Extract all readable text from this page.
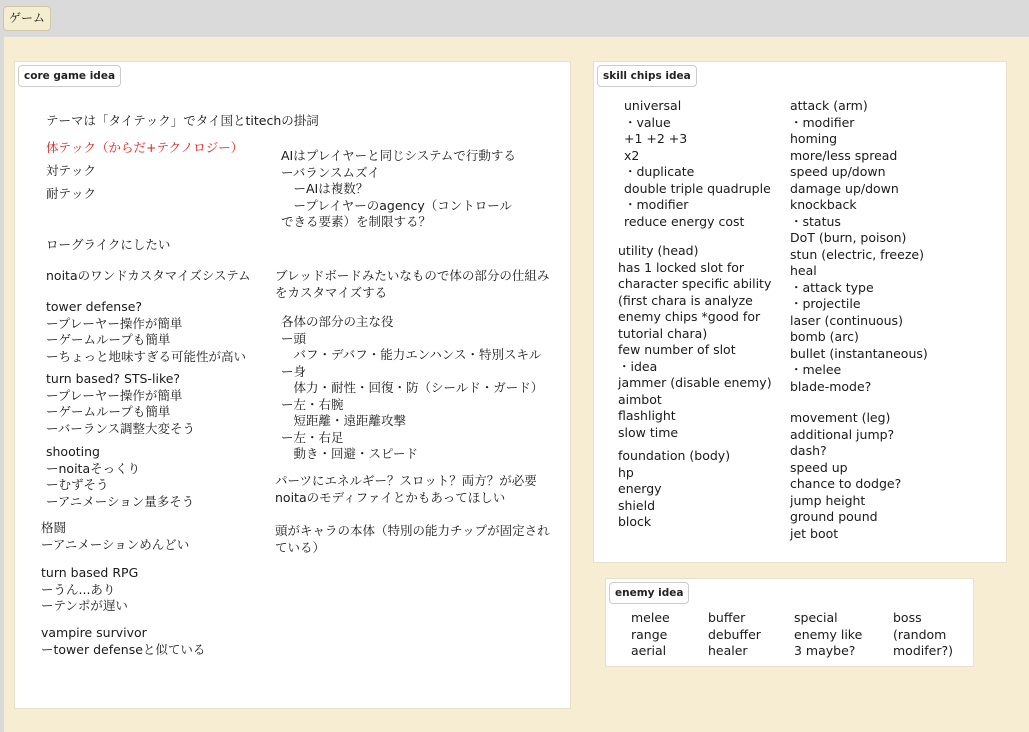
ゲーム
core game idea

テーマは「タイテック」でタイ国とtitechの掛詞

体テック（からだ+テクノロジー）

対テック

耐テック

AIはプレイヤーと同じシステムで行動する
ーバランスムズイ
　ーAIは複数？
　ープレイヤーのagency（コントロール
できる要素）を制限する？

ローグライクにしたい

noitaのワンドカスタマイズシステム ブレッドボードみたいなもので体の部分の仕組み
をカスタマイズする

tower defense?
ープレーヤー操作が簡単
ーゲームループも簡単
ーちょっと地味すぎる可能性が高い

各体の部分の主な役
ー頭
　バフ・デバフ・能力エンハンス・特別スキル
ー身
　体力・耐性・回復・防（シールド・ガード）
ー左・右腕
　短距離・遠距離攻撃
ー左・右足
　動き・回避・スピード

turn based? STS-like?
ープレーヤー操作が簡単
ーゲームループも簡単
ーバーランス調整大変そう

shooting
ーnoitaそっくり
ーむずそう
ーアニメーション量多そう

パーツにエネルギー？スロット？両方？が必要
noitaのモディファイとかもあってほしい

格闘
ーアニメーションめんどい

頭がキャラの本体（特別の能力チップが固定され
ている）

turn based RPG
ーうん...あり
ーテンポが遅い

vampire survivor
ーtower defenseと似ている

skill chips idea

universal
・value
+1 +2 +3
x2
・duplicate
double triple quadruple
・modifier
reduce energy cost

utility (head)
has 1 locked slot for
character specific ability
(first chara is analyze
enemy chips *good for
tutorial chara)
few number of slot
・idea
jammer (disable enemy)
aimbot
flashlight
slow time

foundation (body)
hp
energy
shield
block

attack (arm)
・modifier
homing
more/less spread
speed up/down
damage up/down
knockback
・status
DoT (burn, poison)
stun (electric, freeze)
heal
・attack type
・projectile
laser (continuous)
bomb (arc)
bullet (instantaneous)
・melee
blade-mode?

movement (leg)
additional jump?
dash?
speed up
chance to dodge?
jump height
ground pound
jet boot

enemy idea

melee
range
aerial

buffer
debuffer
healer

special
enemy like
3 maybe?

boss
(random
modifer?)
